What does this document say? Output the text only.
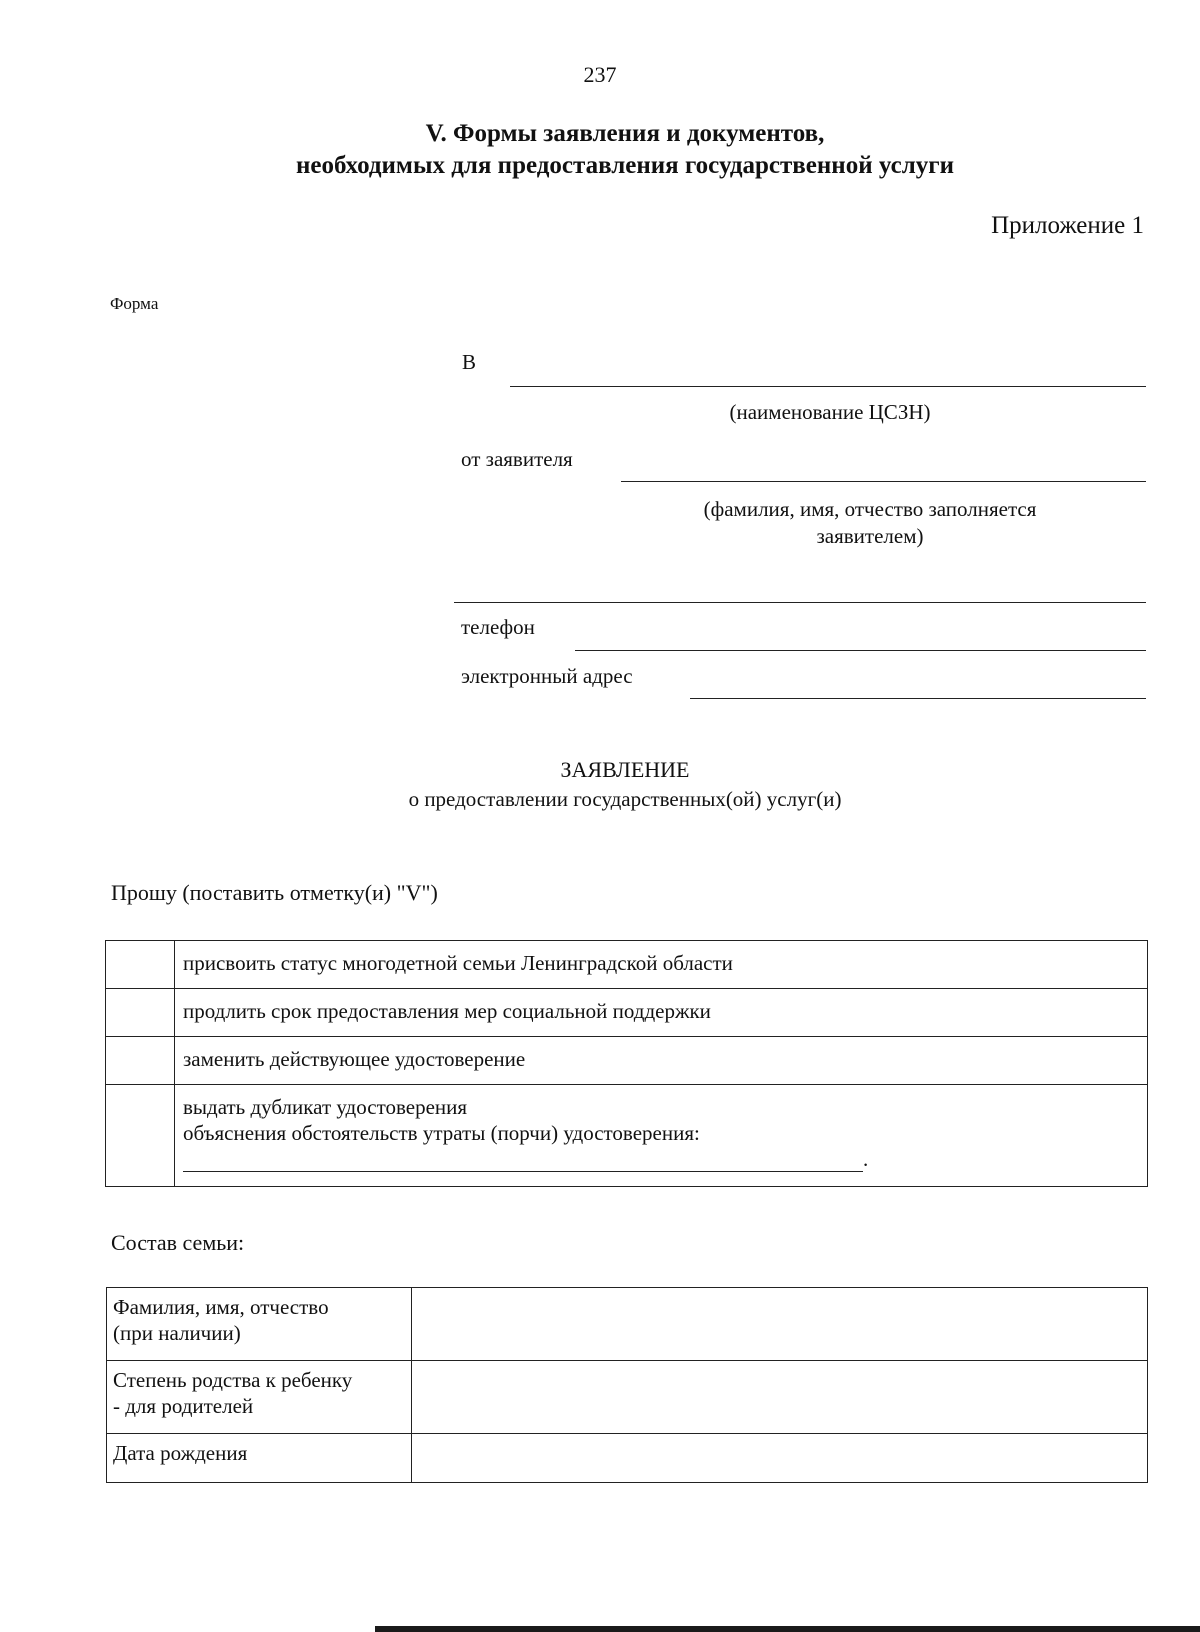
237
V. Формы заявления и документов,
необходимых для предоставления государственной услуги
Приложение 1
Форма
В
(наименование ЦСЗН)
от заявителя
(фамилия, имя, отчество заполняется
заявителем)
телефон
электронный адрес
ЗАЯВЛЕНИЕ
о предоставлении государственных(ой) услуг(и)
Прошу (поставить отметку(и) "V")
	присвоить статус многодетной семьи Ленинградской области
	продлить срок предоставления мер социальной поддержки
	заменить действующее удостоверение

	выдать дубликат удостоверения
объяснения обстоятельств утраты (порчи) удостоверения:
.
Состав семьи:
Фамилия, имя, отчество
(при наличии)	

Степень родства к ребенку
- для родителей	

Дата рождения	
